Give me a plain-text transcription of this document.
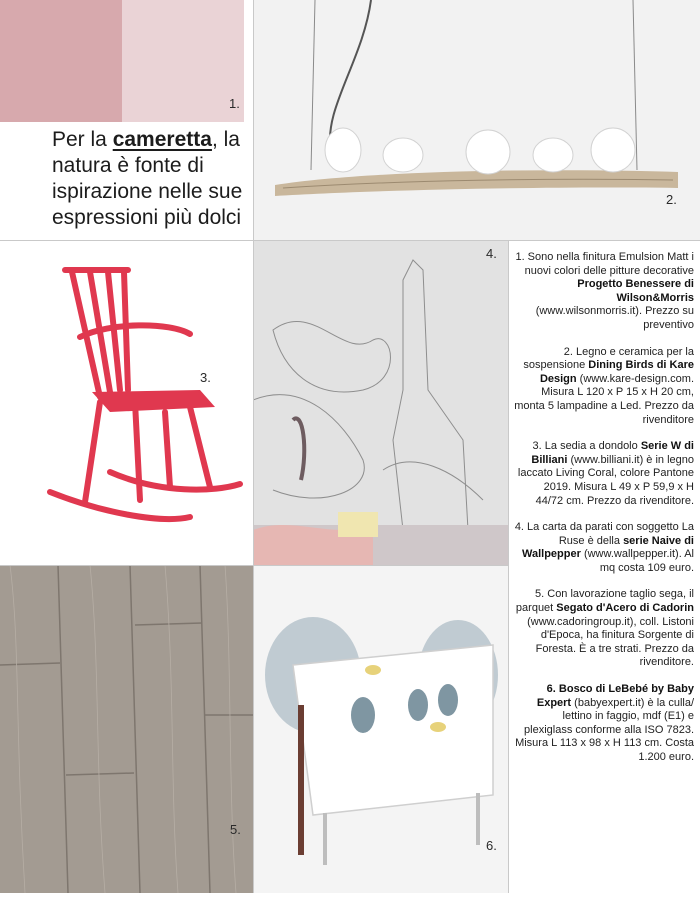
1.
Per la cameretta, la natura è fonte di ispirazione nelle sue espressioni più dolci
2.
3.
4.
5.
6.

1. Sono nella finitura Emulsion Matt i nuovi colori delle pitture decorative Progetto Benessere di Wilson&Morris (www.wilsonmorris.it). Prezzo su preventivo

2. Legno e ceramica per la sospensione Dining Birds di Kare Design (www.kare-design.com. Misura L 120 x P 15 x H 20 cm, monta 5 lampadine a Led. Prezzo da rivenditore

3. La sedia a dondolo Serie W di Billiani (www.billiani.it) è in legno laccato Living Coral, colore Pantone 2019. Misura L 49 x P 59,9 x H 44/72 cm. Prezzo da rivenditore.

4. La carta da parati con soggetto La Ruse è della serie Naive di Wallpepper (www.wallpepper.it). Al mq costa 109 euro.

5. Con lavorazione taglio sega, il parquet Segato d'Acero di Cadorin (www.cadoringroup.it), coll. Listoni d'Epoca, ha finitura Sorgente di Foresta. È a tre strati. Prezzo da rivenditore.

6. Bosco di LeBebé by Baby Expert (babyexpert.it) è la culla/ lettino in faggio, mdf (E1) e plexiglass conforme alla ISO 7823. Misura L 113 x 98 x H 113 cm. Costa 1.200 euro.
